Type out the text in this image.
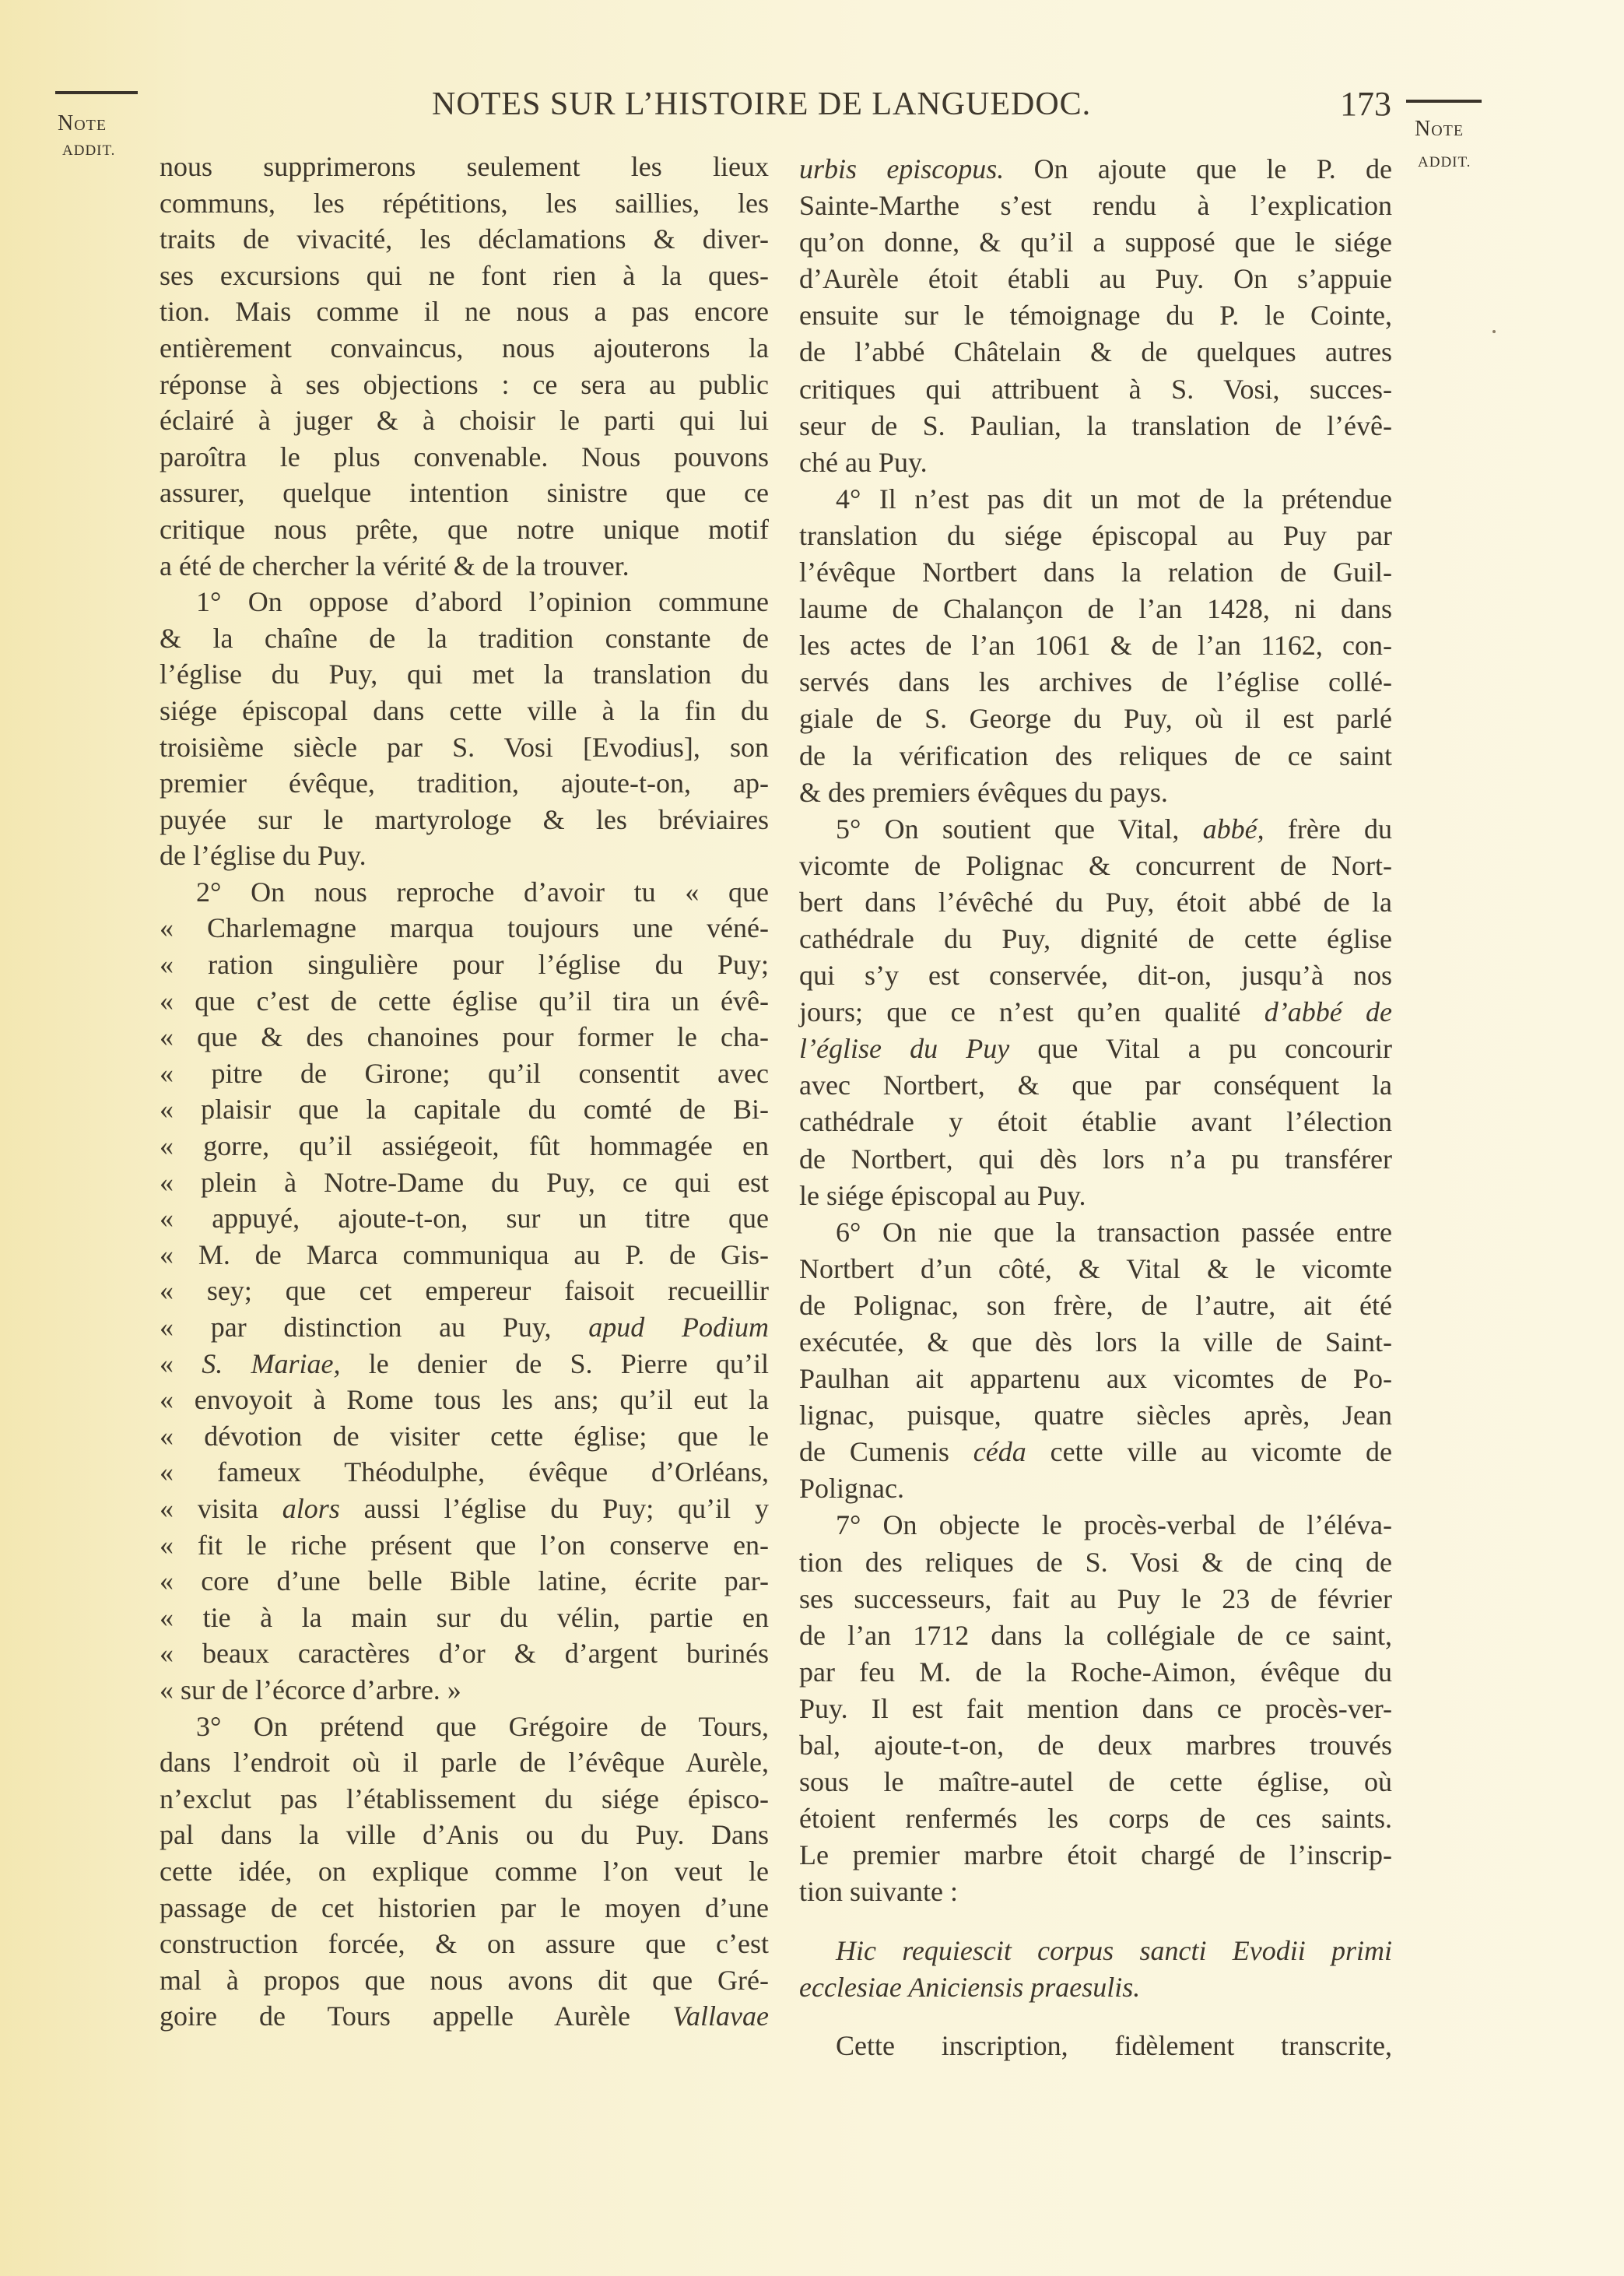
Note
ADDIT.
NOTES SUR L’HISTOIRE DE LANGUEDOC.	173
Note
ADDIT.
nous supprimerons seulement les lieux
communs, les répétitions, les saillies, les
traits de vivacité, les déclamations & diver-
ses excursions qui ne font rien à la ques-
tion. Mais comme il ne nous a pas encore
entièrement convaincus, nous ajouterons la
réponse à ses objections : ce sera au public
éclairé à juger & à choisir le parti qui lui
paroîtra le plus convenable. Nous pouvons
assurer, quelque intention sinistre que ce
critique nous prête, que notre unique motif
a été de chercher la vérité & de la trouver.
1° On oppose d’abord l’opinion commune
& la chaîne de la tradition constante de
l’église du Puy, qui met la translation du
siége épiscopal dans cette ville à la fin du
troisième siècle par S. Vosi [Evodius], son
premier évêque, tradition, ajoute-t-on, ap-
puyée sur le martyrologe & les bréviaires
de l’église du Puy.
2° On nous reproche d’avoir tu « que
« Charlemagne marqua toujours une véné-
« ration singulière pour l’église du Puy;
« que c’est de cette église qu’il tira un évê-
« que & des chanoines pour former le cha-
« pitre de Girone; qu’il consentit avec
« plaisir que la capitale du comté de Bi-
« gorre, qu’il assiégeoit, fût hommagée en
« plein à Notre-Dame du Puy, ce qui est
« appuyé, ajoute-t-on, sur un titre que
« M. de Marca communiqua au P. de Gis-
« sey; que cet empereur faisoit recueillir
« par distinction au Puy, apud Podium
« S. Mariae, le denier de S. Pierre qu’il
« envoyoit à Rome tous les ans; qu’il eut la
« dévotion de visiter cette église; que le
« fameux Théodulphe, évêque d’Orléans,
« visita alors aussi l’église du Puy; qu’il y
« fit le riche présent que l’on conserve en-
« core d’une belle Bible latine, écrite par-
« tie à la main sur du vélin, partie en
« beaux caractères d’or & d’argent burinés
« sur de l’écorce d’arbre. »
3° On prétend que Grégoire de Tours,
dans l’endroit où il parle de l’évêque Aurèle,
n’exclut pas l’établissement du siége épisco-
pal dans la ville d’Anis ou du Puy. Dans
cette idée, on explique comme l’on veut le
passage de cet historien par le moyen d’une
construction forcée, & on assure que c’est
mal à propos que nous avons dit que Gré-
goire de Tours appelle Aurèle Vallavae
urbis episcopus. On ajoute que le P. de
Sainte-Marthe s’est rendu à l’explication
qu’on donne, & qu’il a supposé que le siége
d’Aurèle étoit établi au Puy. On s’appuie
ensuite sur le témoignage du P. le Cointe,
de l’abbé Châtelain & de quelques autres
critiques qui attribuent à S. Vosi, succes-
seur de S. Paulian, la translation de l’évê-
ché au Puy.
4° Il n’est pas dit un mot de la prétendue
translation du siége épiscopal au Puy par
l’évêque Nortbert dans la relation de Guil-
laume de Chalançon de l’an 1428, ni dans
les actes de l’an 1061 & de l’an 1162, con-
servés dans les archives de l’église collé-
giale de S. George du Puy, où il est parlé
de la vérification des reliques de ce saint
& des premiers évêques du pays.
5° On soutient que Vital, abbé, frère du
vicomte de Polignac & concurrent de Nort-
bert dans l’évêché du Puy, étoit abbé de la
cathédrale du Puy, dignité de cette église
qui s’y est conservée, dit-on, jusqu’à nos
jours; que ce n’est qu’en qualité d’abbé de
l’église du Puy que Vital a pu concourir
avec Nortbert, & que par conséquent la
cathédrale y étoit établie avant l’élection
de Nortbert, qui dès lors n’a pu transférer
le siége épiscopal au Puy.
6° On nie que la transaction passée entre
Nortbert d’un côté, & Vital & le vicomte
de Polignac, son frère, de l’autre, ait été
exécutée, & que dès lors la ville de Saint-
Paulhan ait appartenu aux vicomtes de Po-
lignac, puisque, quatre siècles après, Jean
de Cumenis céda cette ville au vicomte de
Polignac.
7° On objecte le procès-verbal de l’éléva-
tion des reliques de S. Vosi & de cinq de
ses successeurs, fait au Puy le 23 de février
de l’an 1712 dans la collégiale de ce saint,
par feu M. de la Roche-Aimon, évêque du
Puy. Il est fait mention dans ce procès-ver-
bal, ajoute-t-on, de deux marbres trouvés
sous le maître-autel de cette église, où
étoient renfermés les corps de ces saints.
Le premier marbre étoit chargé de l’inscrip-
tion suivante :
Hic requiescit corpus sancti Evodii primi
ecclesiae Aniciensis praesulis.
Cette inscription, fidèlement transcrite,
